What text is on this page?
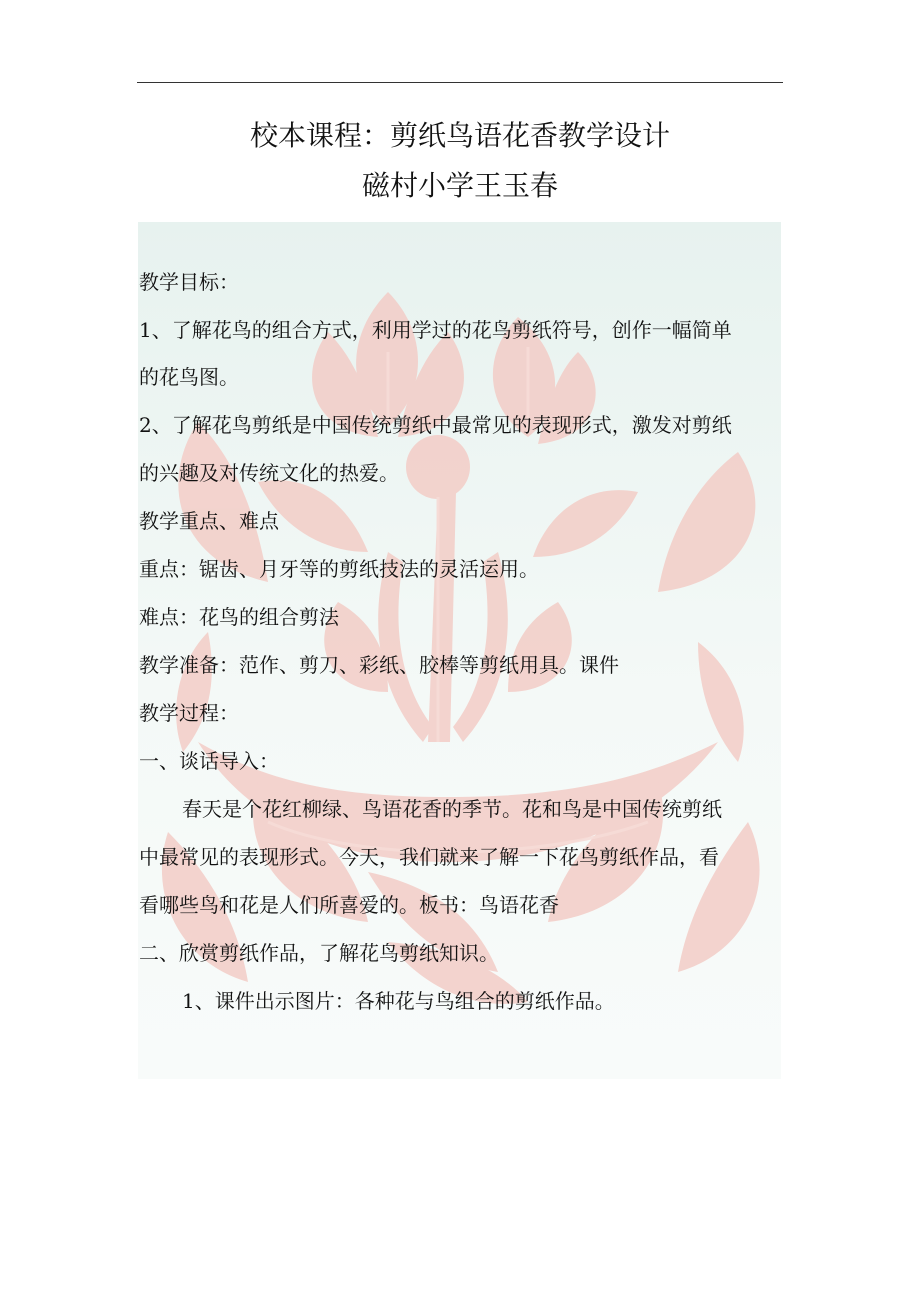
校本课程：剪纸鸟语花香教学设计
磁村小学王玉春
教学目标：
1、了解花鸟的组合方式，利用学过的花鸟剪纸符号，创作一幅简单
的花鸟图。
2、了解花鸟剪纸是中国传统剪纸中最常见的表现形式，激发对剪纸
的兴趣及对传统文化的热爱。
教学重点、难点
重点：锯齿、月牙等的剪纸技法的灵活运用。
难点：花鸟的组合剪法
教学准备：范作、剪刀、彩纸、胶棒等剪纸用具。课件
教学过程：
一、谈话导入：
春天是个花红柳绿、鸟语花香的季节。花和鸟是中国传统剪纸
中最常见的表现形式。今天，我们就来了解一下花鸟剪纸作品，看
看哪些鸟和花是人们所喜爱的。板书：鸟语花香
二、欣赏剪纸作品，了解花鸟剪纸知识。
1、课件出示图片：各种花与鸟组合的剪纸作品。
